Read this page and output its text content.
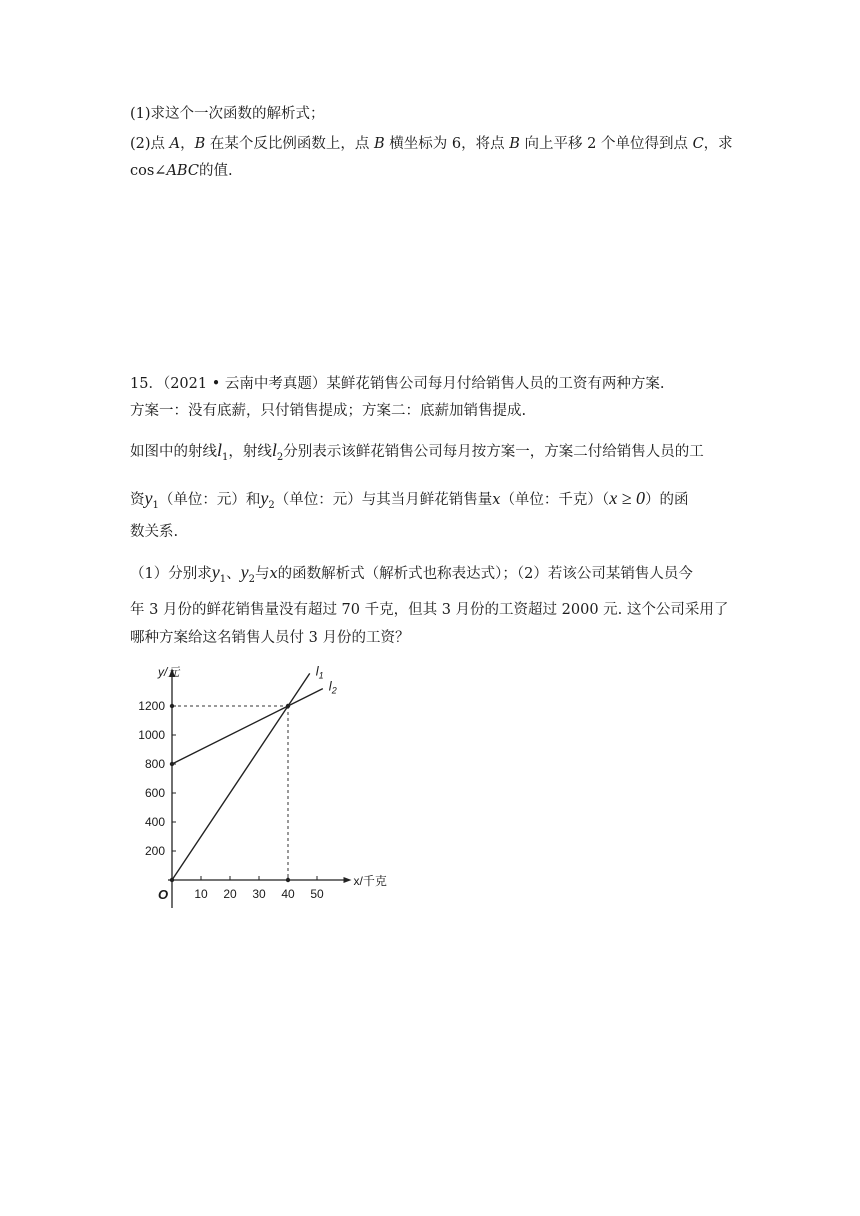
(1)求这个一次函数的解析式；
(2)点 A，B 在某个反比例函数上，点 B 横坐标为 6，将点 B 向上平移 2 个单位得到点 C，求
cos∠ABC的值.
15．（2021 • 云南中考真题）某鲜花销售公司每月付给销售人员的工资有两种方案.
方案一：没有底薪，只付销售提成；方案二：底薪加销售提成.
如图中的射线$l_1$，射线$l_2$分别表示该鲜花销售公司每月按方案一，方案二付给销售人员的工
资$y_1$（单位：元）和$y_2$（单位：元）与其当月鲜花销售量x（单位：千克）（x ≥ 0）的函
数关系.
（1）分别求$y_1$、$y_2$与x的函数解析式（解析式也称表达式）；（2）若该公司某销售人员今
年 3 月份的鲜花销售量没有超过 70 千克，但其 3 月份的工资超过 2000 元. 这个公司采用了
哪种方案给这名销售人员付 3 月份的工资？
x/千克
y/元
O 10 20 30 40 50
200
400
600
800
1000
1200
$l_1$
$l_2$
